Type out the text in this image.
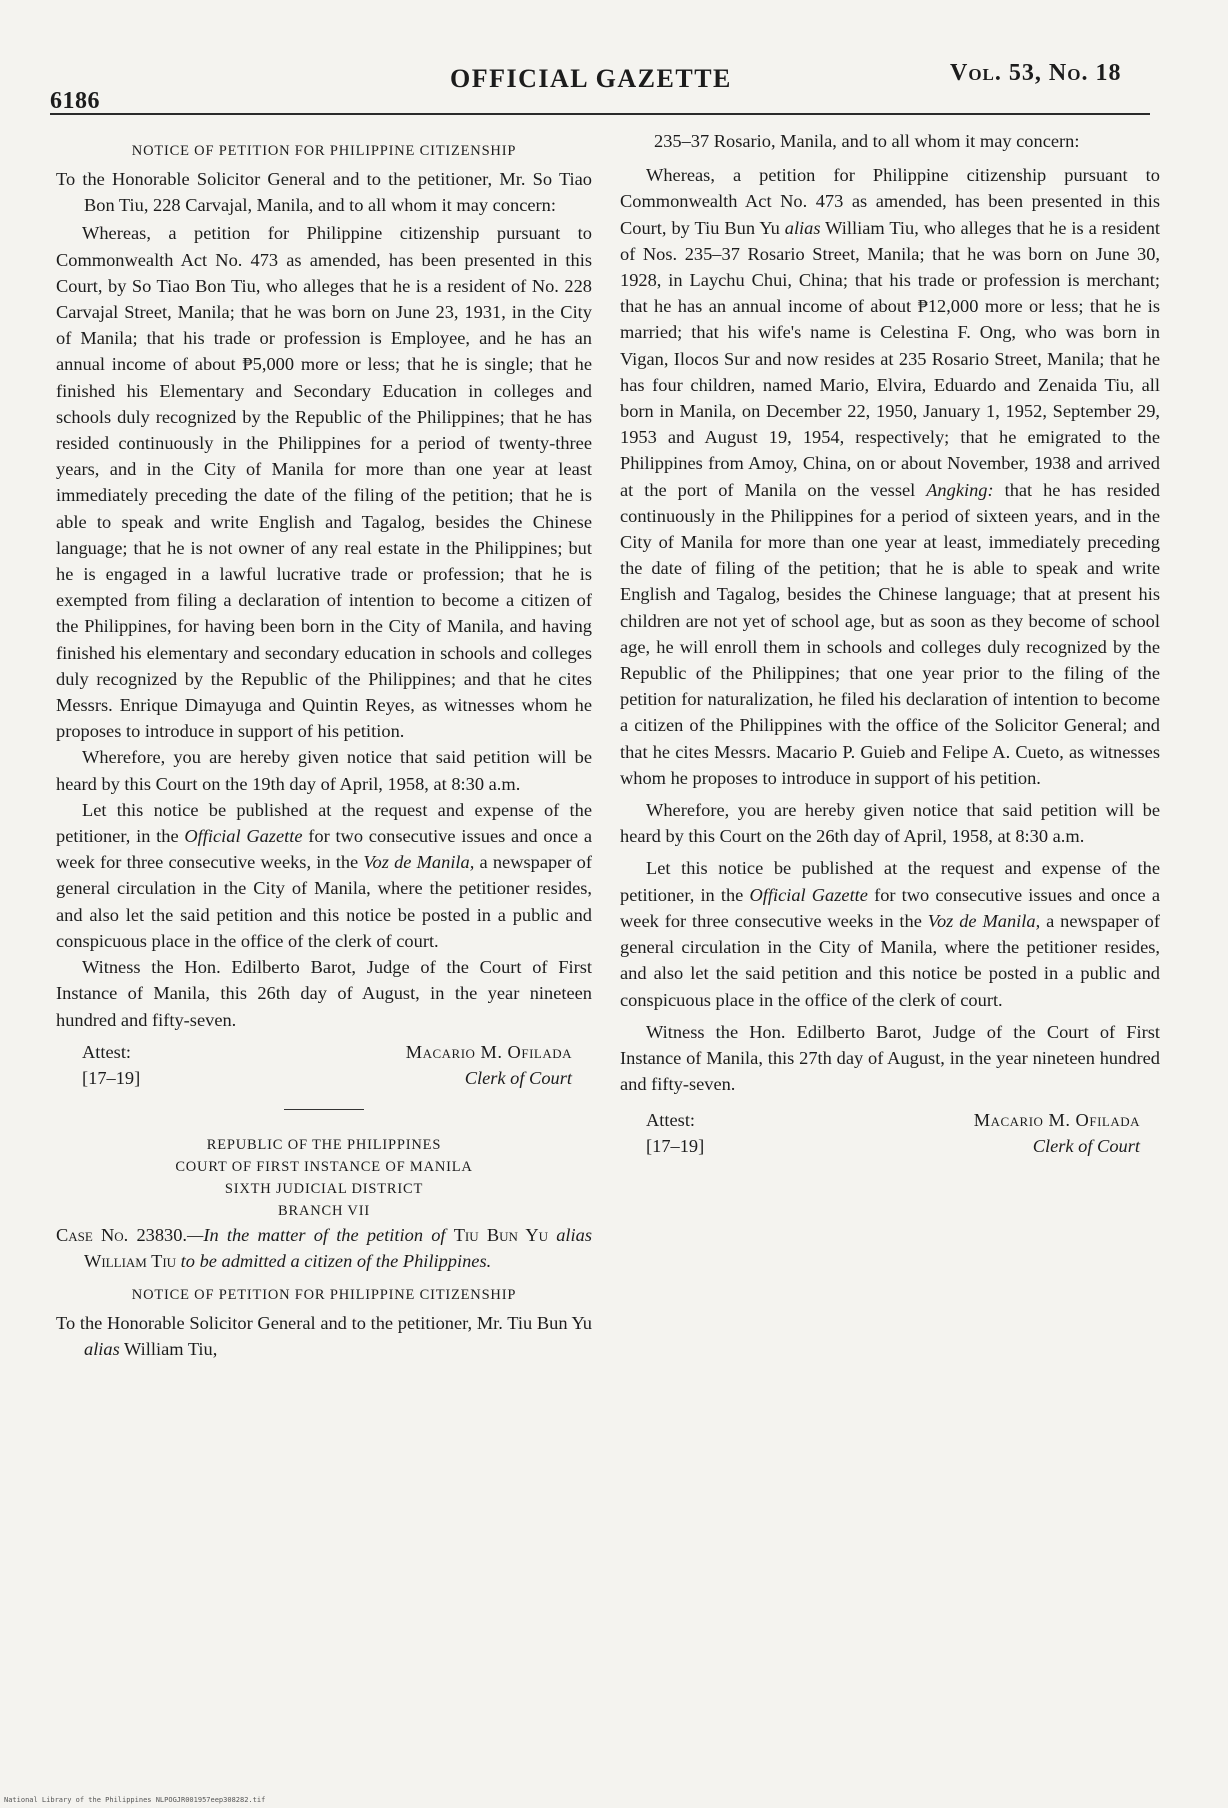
6186
OFFICIAL GAZETTE	Vol. 53, No. 18

NOTICE OF PETITION FOR PHILIPPINE CITIZENSHIP

To the Honorable Solicitor General and to the petitioner, Mr. So Tiao Bon Tiu, 228 Carvajal, Manila, and to all whom it may concern:

Whereas, a petition for Philippine citizenship pursuant to Commonwealth Act No. 473 as amended, has been presented in this Court, by So Tiao Bon Tiu, who alleges that he is a resident of No. 228 Carvajal Street, Manila; that he was born on June 23, 1931, in the City of Manila; that his trade or profession is Employee, and he has an annual income of about ₱5,000 more or less; that he is single; that he finished his Elementary and Secondary Education in colleges and schools duly recognized by the Republic of the Philippines; that he has resided continuously in the Philippines for a period of twenty-three years, and in the City of Manila for more than one year at least immediately preceding the date of the filing of the petition; that he is able to speak and write English and Tagalog, besides the Chinese language; that he is not owner of any real estate in the Philippines; but he is engaged in a lawful lucrative trade or profession; that he is exempted from filing a declaration of intention to become a citizen of the Philippines, for having been born in the City of Manila, and having finished his elementary and secondary education in schools and colleges duly recognized by the Republic of the Philippines; and that he cites Messrs. Enrique Dimayuga and Quintin Reyes, as witnesses whom he proposes to introduce in support of his petition.

Wherefore, you are hereby given notice that said petition will be heard by this Court on the 19th day of April, 1958, at 8:30 a.m.

Let this notice be published at the request and expense of the petitioner, in the Official Gazette for two consecutive issues and once a week for three consecutive weeks, in the Voz de Manila, a newspaper of general circulation in the City of Manila, where the petitioner resides, and also let the said petition and this notice be posted in a public and conspicuous place in the office of the clerk of court.

Witness the Hon. Edilberto Barot, Judge of the Court of First Instance of Manila, this 26th day of August, in the year nineteen hundred and fifty-seven.

Attest:
[17–19]
Macario M. Ofilada
Clerk of Court

REPUBLIC OF THE PHILIPPINES

COURT OF FIRST INSTANCE OF MANILA

SIXTH JUDICIAL DISTRICT

BRANCH VII

Case No. 23830.—In the matter of the petition of Tiu Bun Yu alias William Tiu to be admitted a citizen of the Philippines.

NOTICE OF PETITION FOR PHILIPPINE CITIZENSHIP

To the Honorable Solicitor General and to the petitioner, Mr. Tiu Bun Yu alias William Tiu,

235–37 Rosario, Manila, and to all whom it may concern:

Whereas, a petition for Philippine citizenship pursuant to Commonwealth Act No. 473 as amended, has been presented in this Court, by Tiu Bun Yu alias William Tiu, who alleges that he is a resident of Nos. 235–37 Rosario Street, Manila; that he was born on June 30, 1928, in Laychu Chui, China; that his trade or profession is merchant; that he has an annual income of about ₱12,000 more or less; that he is married; that his wife's name is Celestina F. Ong, who was born in Vigan, Ilocos Sur and now resides at 235 Rosario Street, Manila; that he has four children, named Mario, Elvira, Eduardo and Zenaida Tiu, all born in Manila, on December 22, 1950, January 1, 1952, September 29, 1953 and August 19, 1954, respectively; that he emigrated to the Philippines from Amoy, China, on or about November, 1938 and arrived at the port of Manila on the vessel Angking: that he has resided continuously in the Philippines for a period of sixteen years, and in the City of Manila for more than one year at least, immediately preceding the date of filing of the petition; that he is able to speak and write English and Tagalog, besides the Chinese language; that at present his children are not yet of school age, but as soon as they become of school age, he will enroll them in schools and colleges duly recognized by the Republic of the Philippines; that one year prior to the filing of the petition for naturalization, he filed his declaration of intention to become a citizen of the Philippines with the office of the Solicitor General; and that he cites Messrs. Macario P. Guieb and Felipe A. Cueto, as witnesses whom he proposes to introduce in support of his petition.

Wherefore, you are hereby given notice that said petition will be heard by this Court on the 26th day of April, 1958, at 8:30 a.m.

Let this notice be published at the request and expense of the petitioner, in the Official Gazette for two consecutive issues and once a week for three consecutive weeks in the Voz de Manila, a newspaper of general circulation in the City of Manila, where the petitioner resides, and also let the said petition and this notice be posted in a public and conspicuous place in the office of the clerk of court.

Witness the Hon. Edilberto Barot, Judge of the Court of First Instance of Manila, this 27th day of August, in the year nineteen hundred and fifty-seven.

Attest:
[17–19]
Macario M. Ofilada
Clerk of Court
National Library of the Philippines NLPOGJR001957eep308282.tif
